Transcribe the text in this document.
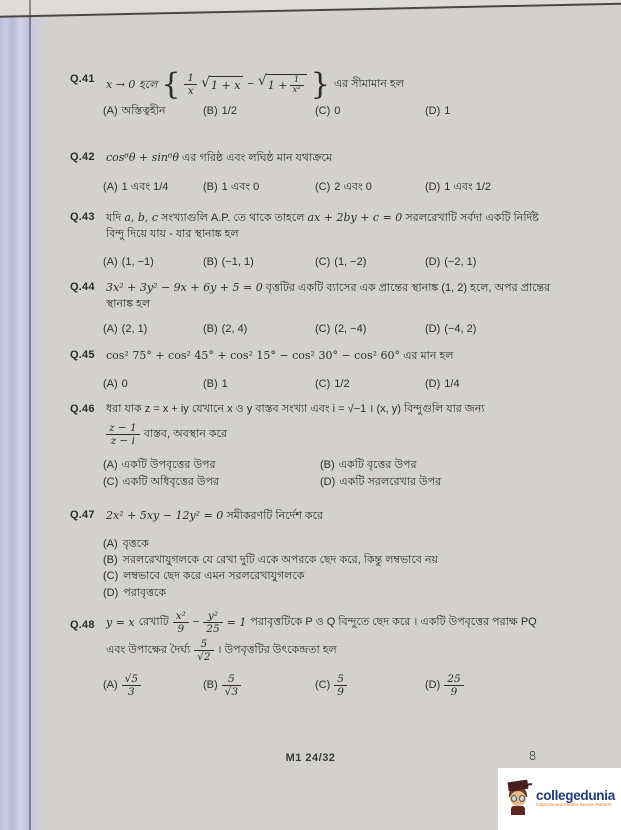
Q.41	x → 0 হলে { $\frac{1}{x}$ √ 1 + x − √ $1 + \frac{1}{\text{x²}}$ } এর সীমামান হল
(A) অস্তিত্বহীন	(B) 1/2	(C) 0	(D) 1
Q.42	cos⁶θ + sin⁶θ এর গরিষ্ঠ এবং লঘিষ্ঠ মান যথাক্রমে
(A) 1 এবং 1/4	(B) 1 এবং 0	(C) 2 এবং 0	(D) 1 এবং 1/2
Q.43	যদি a, b, c সংখ্যাগুলি A.P. তে থাকে তাহলে ax + 2by + c = 0 সরলরেখাটি সর্বদা একটি নির্দিষ্ট
বিন্দু দিয়ে যায় - যার স্থানাঙ্ক হল
(A) (1, −1)	(B) (−1, 1)	(C) (1, −2)	(D) (−2, 1)
Q.44	3x² + 3y² − 9x + 6y + 5 = 0 বৃত্তটির একটি ব্যাসের এক প্রান্তের স্থানাঙ্ক (1, 2) হলে, অপর প্রান্তের
স্থানাঙ্ক হল
(A) (2, 1)	(B) (2, 4)	(C) (2, −4)	(D) (−4, 2)
Q.45	cos² 75° + cos² 45° + cos² 15° − cos² 30° − cos² 60° এর মান হল
(A) 0	(B) 1	(C) 1/2	(D) 1/4
Q.46	ধরা যাক z = x + iy যেখানে x ও y বাস্তব সংখ্যা এবং i = √−1 । (x, y) বিন্দুগুলি যার জন্য
$\frac{z - 1}{z - i}$ বাস্তব, অবস্থান করে
(A) একটি উপবৃত্তের উপর	(B) একটি বৃত্তের উপর
(C) একটি অধিবৃত্তের উপর	(D) একটি সরলরেখার উপর
Q.47	2x² + 5xy − 12y² = 0 সমীকরণটি নির্দেশ করে
(A) বৃত্তকে
(B) সরলরেখাযুগলকে যে রেখা দুটি একে অপরকে ছেদ করে, কিন্তু লম্বভাবে নয়
(C) লম্বভাবে ছেদ করে এমন সরলরেখাযুগলকে
(D) পরাবৃত্তকে
Q.48	y = x রেখাটি $\frac{\text{x²}}{9} - \frac{\text{y²}}{25} = 1$ পরাবৃত্তটিকে P ও Q বিন্দুতে ছেদ করে । একটি উপবৃত্তের পরাক্ষ PQ
এবং উপাক্ষের দৈর্ঘ্য $\frac{5}{√2}$ । উপবৃত্তটির উৎকেন্দ্রতা হল
$(A) \frac{√5}{3}$	$(B) \frac{5}{√3}$	$(C) \frac{5}{9}$	$(D) \frac{25}{9}$
M1 24/32	৪
collegedunia
India's largest Student Review Platform
